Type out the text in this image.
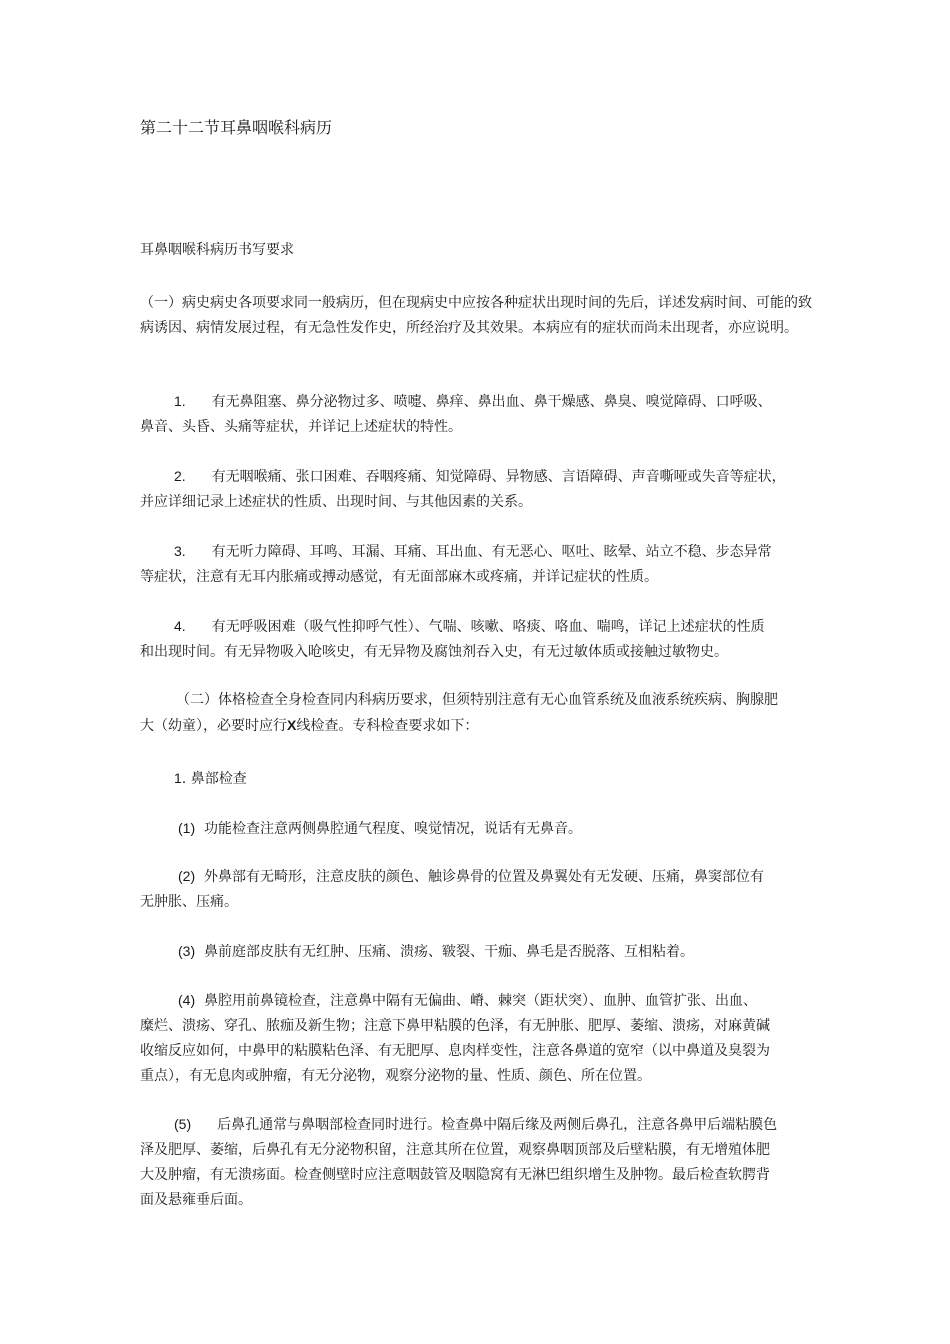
第二十二节耳鼻咽喉科病历

耳鼻咽喉科病历书写要求

（一）病史病史各项要求同一般病历，但在现病史中应按各种症状出现时间的先后，详述发病时间、可能的致病诱因、病情发展过程，有无急性发作史，所经治疗及其效果。本病应有的症状而尚未出现者，亦应说明。

1. 有无鼻阻塞、鼻分泌物过多、喷嚏、鼻痒、鼻出血、鼻干燥感、鼻臭、嗅觉障碍、口呼吸、
鼻音、头昏、头痛等症状，并详记上述症状的特性。
2. 有无咽喉痛、张口困难、吞咽疼痛、知觉障碍、异物感、言语障碍、声音嘶哑或失音等症状，
并应详细记录上述症状的性质、出现时间、与其他因素的关系。
3. 有无听力障碍、耳鸣、耳漏、耳痛、耳出血、有无恶心、呕吐、眩晕、站立不稳、步态异常
等症状，注意有无耳内胀痛或搏动感觉，有无面部麻木或疼痛，并详记症状的性质。
4. 有无呼吸困难（吸气性抑呼气性）、气喘、咳嗽、咯痰、咯血、喘鸣，详记上述症状的性质
和出现时间。有无异物吸入呛咳史，有无异物及腐蚀剂吞入史，有无过敏体质或接触过敏物史。
（二）体格检查全身检查同内科病历要求，但须特别注意有无心血管系统及血液系统疾病、胸腺肥
大（幼童），必要时应行X线检查。专科检查要求如下：
1. 鼻部检查
(1) 功能检查注意两侧鼻腔通气程度、嗅觉情况，说话有无鼻音。
(2) 外鼻部有无畸形，注意皮肤的颜色、触诊鼻骨的位置及鼻翼处有无发硬、压痛，鼻窦部位有
无肿胀、压痛。
(3) 鼻前庭部皮肤有无红肿、压痛、溃疡、皲裂、干痂、鼻毛是否脱落、互相粘着。
(4) 鼻腔用前鼻镜检查，注意鼻中隔有无偏曲、嵴、棘突（距状突）、血肿、血管扩张、出血、
糜烂、溃疡、穿孔、脓痂及新生物；注意下鼻甲粘膜的色泽，有无肿胀、肥厚、萎缩、溃疡，对麻黄碱
收缩反应如何，中鼻甲的粘膜粘色泽、有无肥厚、息肉样变性，注意各鼻道的宽窄（以中鼻道及臭裂为
重点），有无息肉或肿瘤，有无分泌物，观察分泌物的量、性质、颜色、所在位置。
(5) 后鼻孔通常与鼻咽部检查同时进行。检查鼻中隔后缘及两侧后鼻孔，注意各鼻甲后端粘膜色
泽及肥厚、萎缩，后鼻孔有无分泌物积留，注意其所在位置，观察鼻咽顶部及后壁粘膜，有无增殖体肥
大及肿瘤，有无溃疡面。检查侧壁时应注意咽鼓管及咽隐窝有无淋巴组织增生及肿物。最后检查软腭背
面及悬雍垂后面。
